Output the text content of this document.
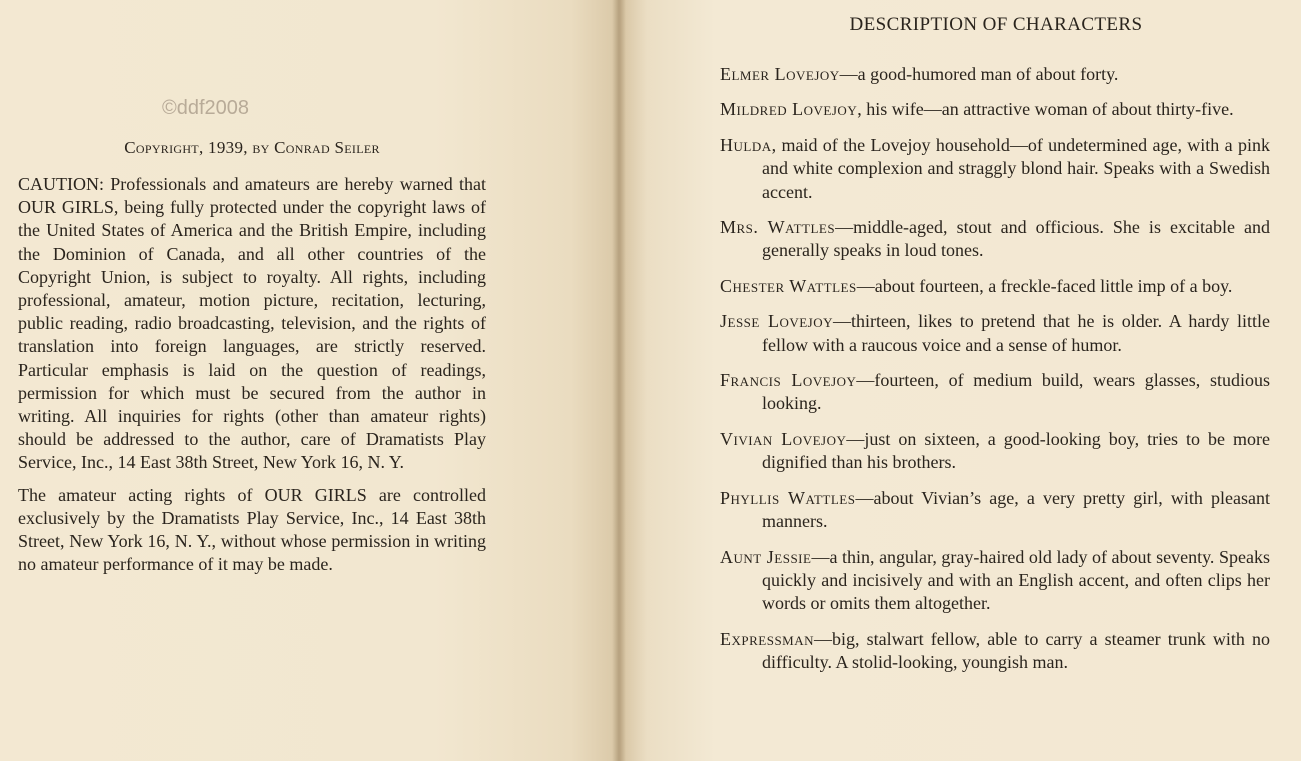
©ddf2008
Copyright, 1939, by Conrad Seiler

CAUTION: Professionals and amateurs are hereby warned that OUR GIRLS, being fully protected under the copyright laws of the United States of America and the British Empire, including the Dominion of Canada, and all other countries of the Copyright Union, is subject to royalty. All rights, including professional, amateur, motion picture, recitation, lecturing, public reading, radio broadcasting, television, and the rights of translation into foreign languages, are strictly reserved. Particular emphasis is laid on the question of readings, permission for which must be secured from the author in writing. All inquiries for rights (other than amateur rights) should be addressed to the author, care of Dramatists Play Service, Inc., 14 East 38th Street, New York 16, N. Y.

The amateur acting rights of OUR GIRLS are controlled exclusively by the Dramatists Play Service, Inc., 14 East 38th Street, New York 16, N. Y., without whose permission in writing no amateur performance of it may be made.

DESCRIPTION OF CHARACTERS
Elmer Lovejoy—a good-humored man of about forty.
Mildred Lovejoy, his wife—an attractive woman of about thirty-five.
Hulda, maid of the Lovejoy household—of undetermined age, with a pink and white complexion and straggly blond hair. Speaks with a Swedish accent.
Mrs. Wattles—middle-aged, stout and officious. She is excitable and generally speaks in loud tones.
Chester Wattles—about fourteen, a freckle-faced little imp of a boy.
Jesse Lovejoy—thirteen, likes to pretend that he is older. A hardy little fellow with a raucous voice and a sense of humor.
Francis Lovejoy—fourteen, of medium build, wears glasses, studious looking.
Vivian Lovejoy—just on sixteen, a good-looking boy, tries to be more dignified than his brothers.
Phyllis Wattles—about Vivian’s age, a very pretty girl, with pleasant manners.
Aunt Jessie—a thin, angular, gray-haired old lady of about seventy. Speaks quickly and incisively and with an English accent, and often clips her words or omits them altogether.
Expressman—big, stalwart fellow, able to carry a steamer trunk with no difficulty. A stolid-looking, youngish man.
